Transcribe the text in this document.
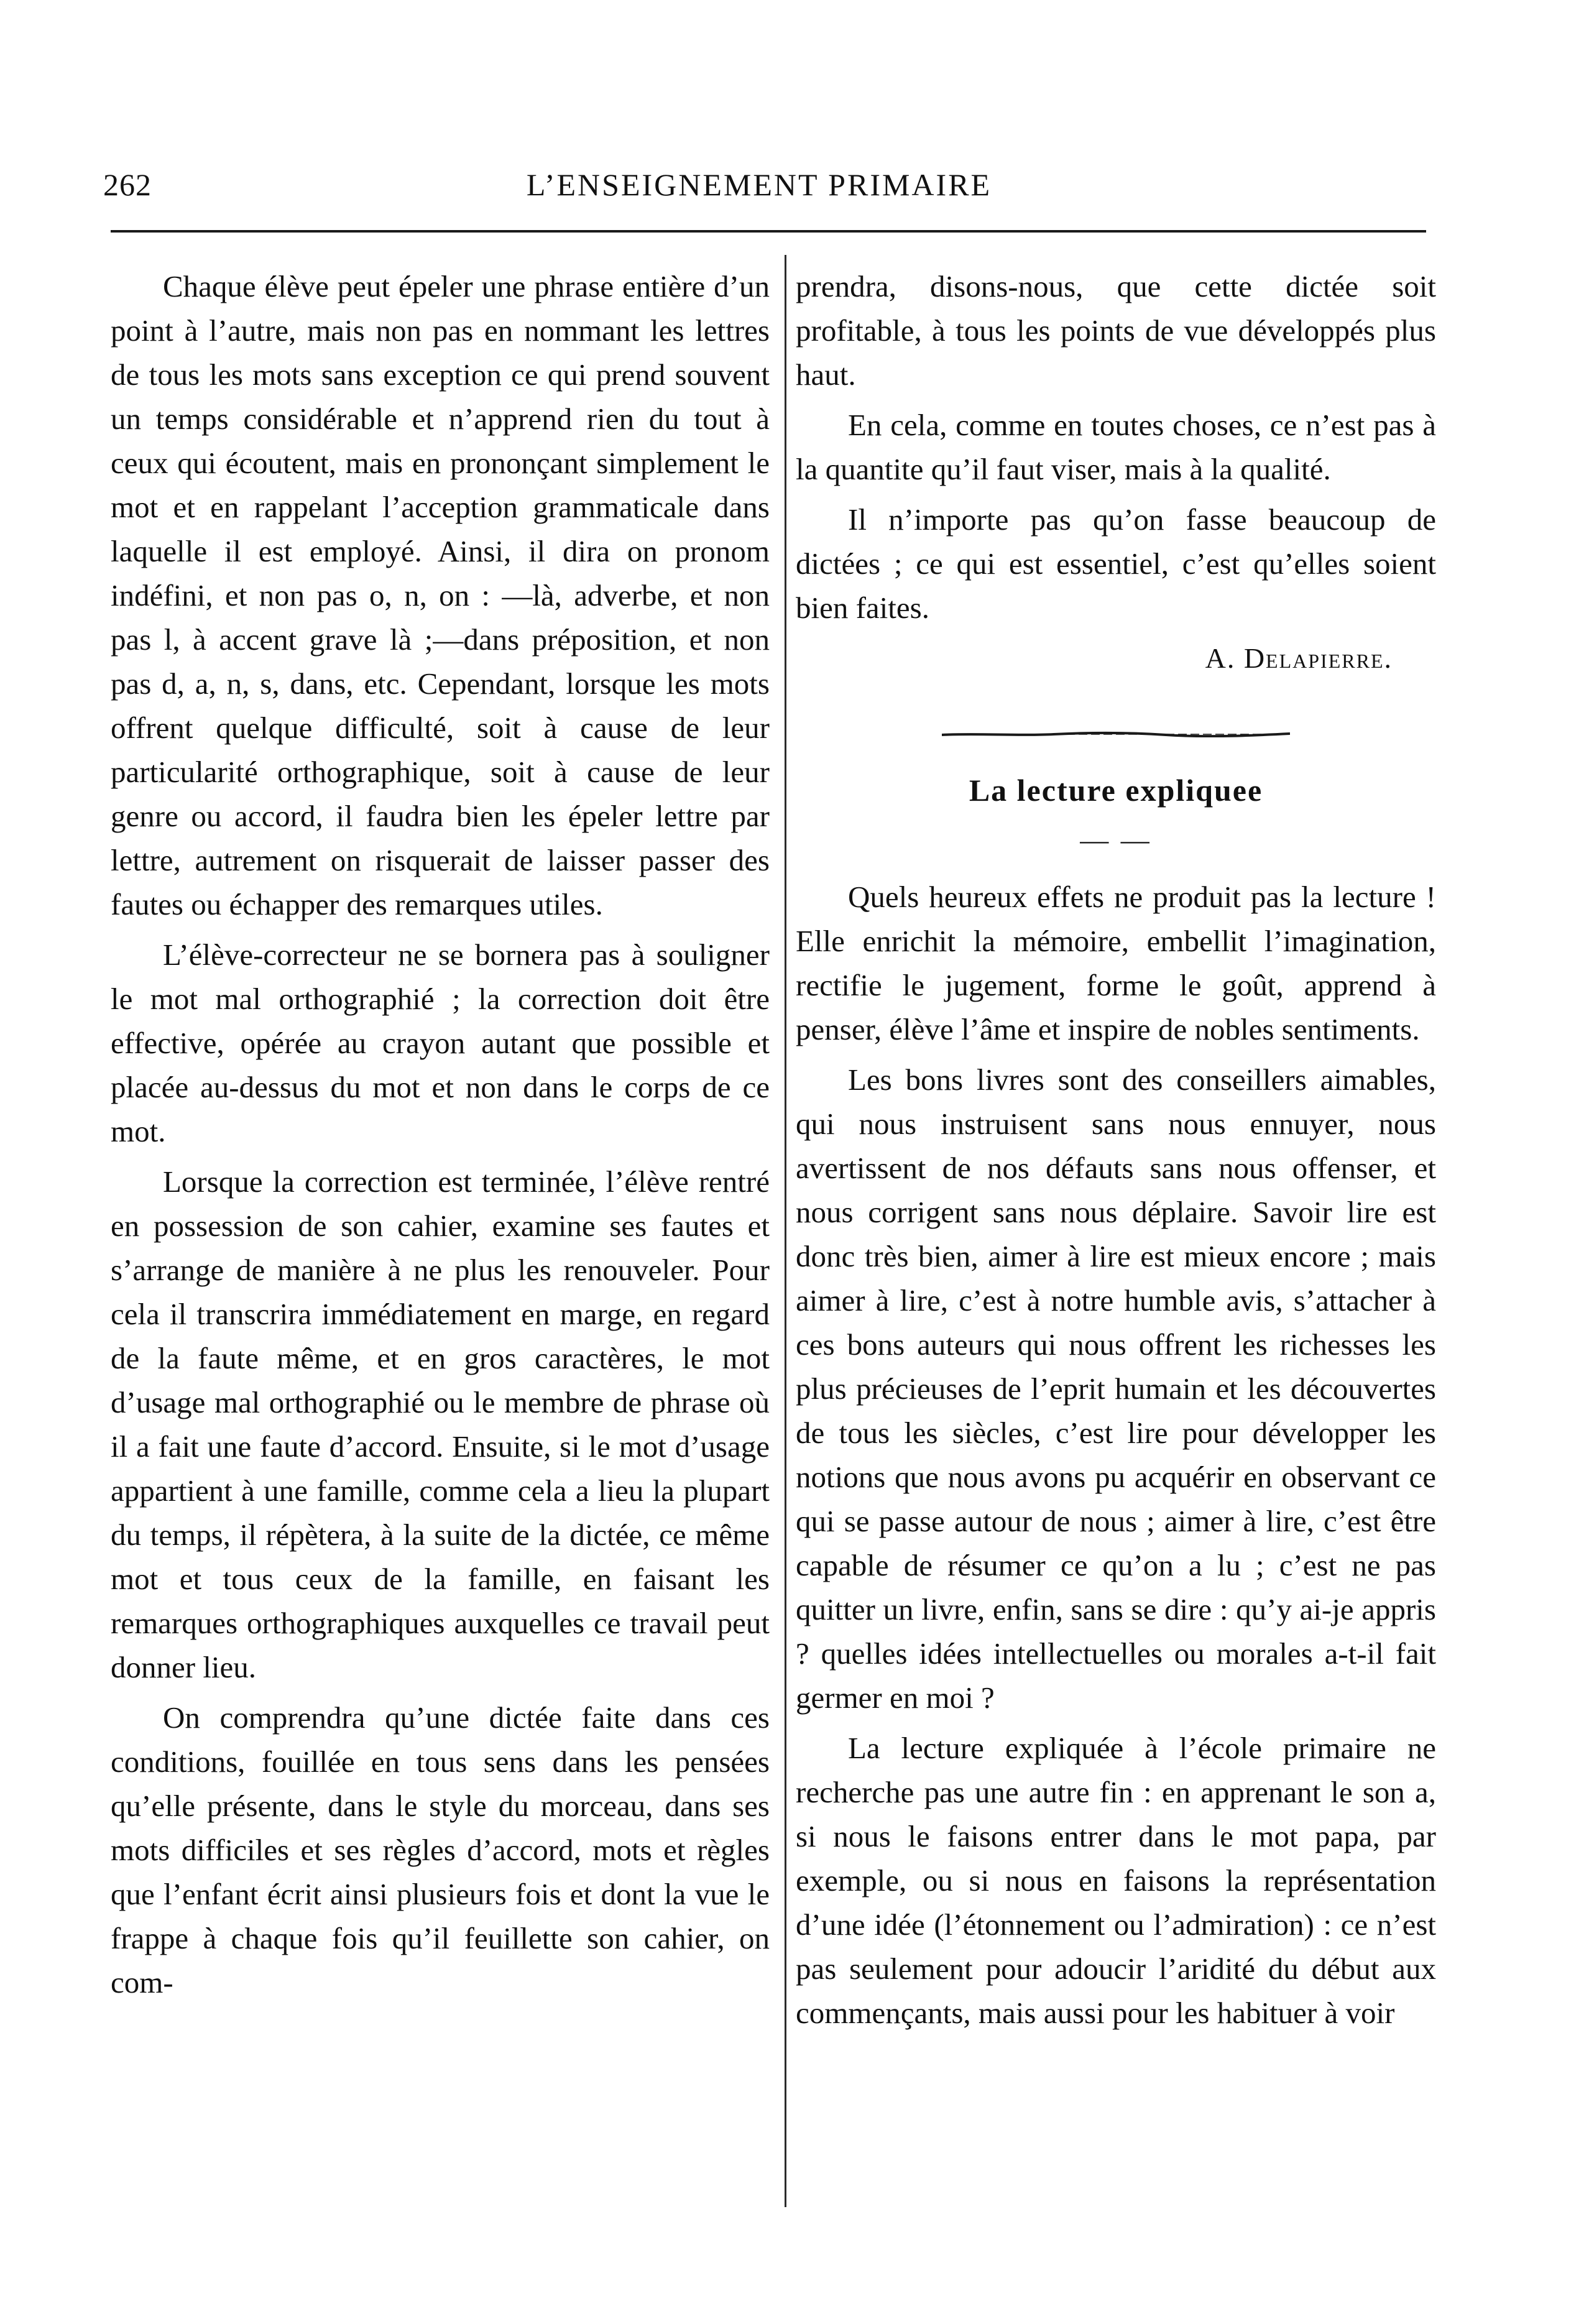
262	L’ENSEIGNEMENT PRIMAIRE

Chaque élève peut épeler une phrase entière d’un point à l’autre, mais non pas en nommant les lettres de tous les mots sans exception ce qui prend souvent un temps considérable et n’apprend rien du tout à ceux qui écoutent, mais en prononçant simplement le mot et en rappelant l’acception grammaticale dans laquelle il est employé. Ainsi, il dira on pronom indéfini, et non pas o, n, on : —là, adverbe, et non pas l, à accent grave là ;—dans préposition, et non pas d, a, n, s, dans, etc. Cependant, lorsque les mots offrent quelque difficulté, soit à cause de leur particularité orthographique, soit à cause de leur genre ou accord, il faudra bien les épeler lettre par lettre, autrement on risquerait de laisser passer des fautes ou échapper des remarques utiles.

L’élève-correcteur ne se bornera pas à souligner le mot mal orthographié ; la correction doit être effective, opérée au crayon autant que possible et placée au-dessus du mot et non dans le corps de ce mot.

Lorsque la correction est terminée, l’élève rentré en possession de son cahier, examine ses fautes et s’arrange de manière à ne plus les renouveler. Pour cela il transcrira immédiatement en marge, en regard de la faute même, et en gros caractères, le mot d’usage mal orthographié ou le membre de phrase où il a fait une faute d’accord. Ensuite, si le mot d’usage appartient à une famille, comme cela a lieu la plupart du temps, il répètera, à la suite de la dictée, ce même mot et tous ceux de la famille, en faisant les remarques orthographiques auxquelles ce travail peut donner lieu.

On comprendra qu’une dictée faite dans ces conditions, fouillée en tous sens dans les pensées qu’elle présente, dans le style du morceau, dans ses mots difficiles et ses règles d’accord, mots et règles que l’enfant écrit ainsi plusieurs fois et dont la vue le frappe à chaque fois qu’il feuillette son cahier, on com-

prendra, disons-nous, que cette dictée soit profitable, à tous les points de vue développés plus haut.

En cela, comme en toutes choses, ce n’est pas à la quantite qu’il faut viser, mais à la qualité.

Il n’importe pas qu’on fasse beaucoup de dictées ; ce qui est essentiel, c’est qu’elles soient bien faites.

A. Delapierre.
La lecture expliquee
— —

Quels heureux effets ne produit pas la lecture ! Elle enrichit la mémoire, embellit l’imagination, rectifie le jugement, forme le goût, apprend à penser, élève l’âme et inspire de nobles sentiments.

Les bons livres sont des conseillers aimables, qui nous instruisent sans nous ennuyer, nous avertissent de nos défauts sans nous offenser, et nous corrigent sans nous déplaire. Savoir lire est donc très bien, aimer à lire est mieux encore ; mais aimer à lire, c’est à notre humble avis, s’attacher à ces bons auteurs qui nous offrent les richesses les plus précieuses de l’eprit humain et les découvertes de tous les siècles, c’est lire pour développer les notions que nous avons pu acquérir en observant ce qui se passe autour de nous ; aimer à lire, c’est être capable de résumer ce qu’on a lu ; c’est ne pas quitter un livre, enfin, sans se dire : qu’y ai-je appris ? quelles idées intellectuelles ou morales a-t-il fait germer en moi ?

La lecture expliquée à l’école primaire ne recherche pas une autre fin : en apprenant le son a, si nous le faisons entrer dans le mot papa, par exemple, ou si nous en faisons la représentation d’une idée (l’étonnement ou l’admiration) : ce n’est pas seulement pour adoucir l’aridité du début aux commençants, mais aussi pour les habituer à voir
